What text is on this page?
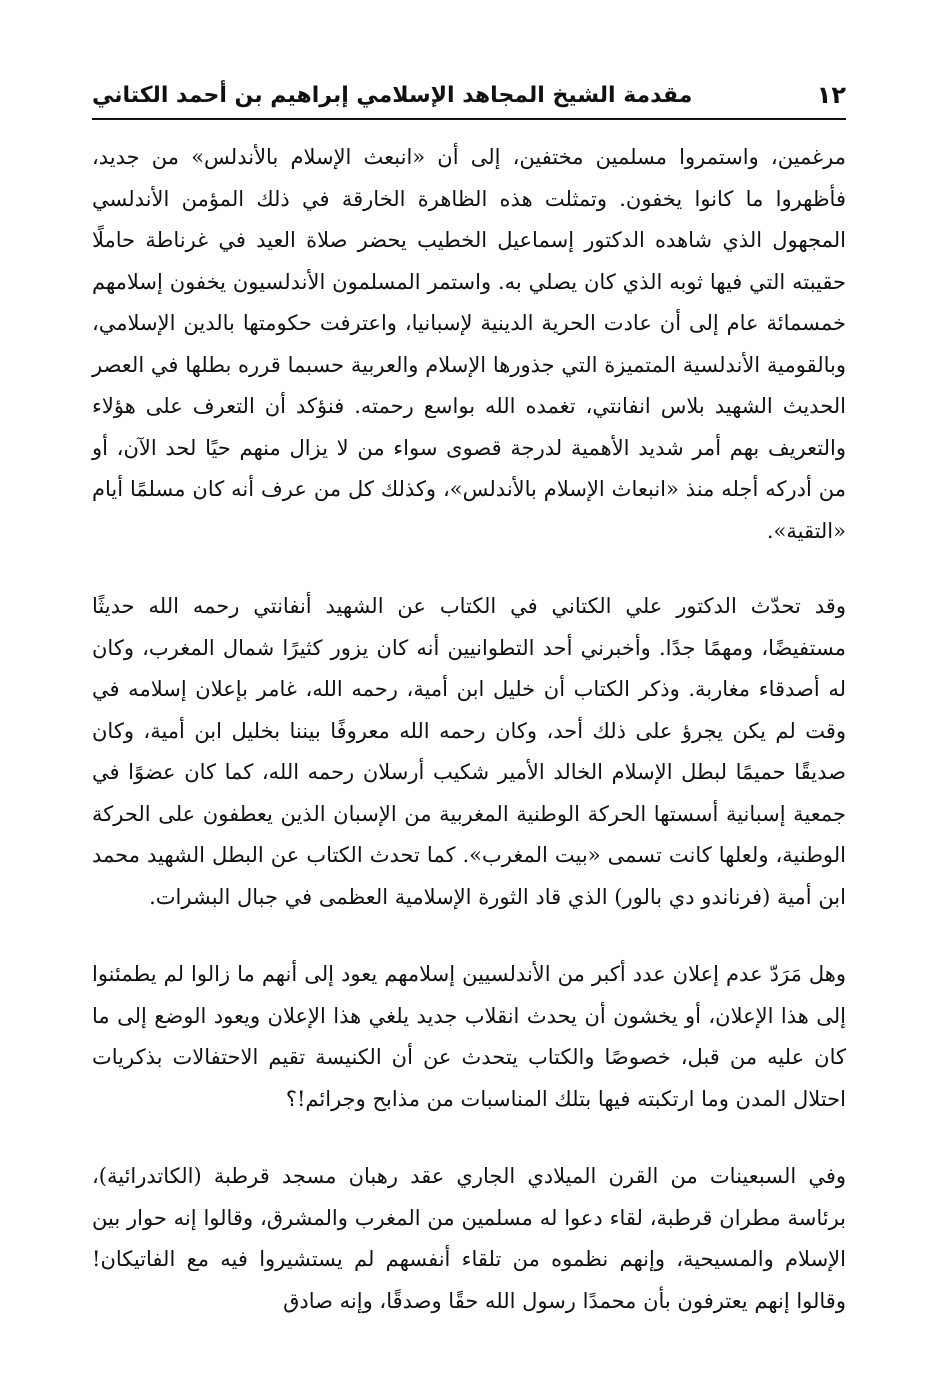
١٢
مقدمة الشيخ المجاهد الإسلامي إبراهيم بن أحمد الكتاني

مرغمين، واستمروا مسلمين مختفين، إلى أن «انبعث الإسلام بالأندلس» من جديد، فأظهروا ما كانوا يخفون. وتمثلت هذه الظاهرة الخارقة في ذلك المؤمن الأندلسي المجهول الذي شاهده الدكتور إسماعيل الخطيب يحضر صلاة العيد في غرناطة حاملًا حقيبته التي فيها ثوبه الذي كان يصلي به. واستمر المسلمون الأندلسيون يخفون إسلامهم خمسمائة عام إلى أن عادت الحرية الدينية لإسبانيا، واعترفت حكومتها بالدين الإسلامي، وبالقومية الأندلسية المتميزة التي جذورها الإسلام والعربية حسبما قرره بطلها في العصر الحديث الشهيد بلاس انفانتي، تغمده الله بواسع رحمته. فنؤكد أن التعرف على هؤلاء والتعريف بهم أمر شديد الأهمية لدرجة قصوى سواء من لا يزال منهم حيًا لحد الآن، أو من أدركه أجله منذ «انبعاث الإسلام بالأندلس»، وكذلك كل من عرف أنه كان مسلمًا أيام «التقية».

وقد تحدّث الدكتور علي الكتاني في الكتاب عن الشهيد أنفانتي رحمه الله حديثًا مستفيضًا، ومهمًا جدًا. وأخبرني أحد التطوانيين أنه كان يزور كثيرًا شمال المغرب، وكان له أصدقاء مغاربة. وذكر الكتاب أن خليل ابن أمية، رحمه الله، غامر بإعلان إسلامه في وقت لم يكن يجرؤ على ذلك أحد، وكان رحمه الله معروفًا بيننا بخليل ابن أمية، وكان صديقًا حميمًا لبطل الإسلام الخالد الأمير شكيب أرسلان رحمه الله، كما كان عضوًا في جمعية إسبانية أسستها الحركة الوطنية المغربية من الإسبان الذين يعطفون على الحركة الوطنية، ولعلها كانت تسمى «بيت المغرب». كما تحدث الكتاب عن البطل الشهيد محمد ابن أمية (فرناندو دي بالور) الذي قاد الثورة الإسلامية العظمى في جبال البشرات.

وهل مَرَدّ عدم إعلان عدد أكبر من الأندلسيين إسلامهم يعود إلى أنهم ما زالوا لم يطمئنوا إلى هذا الإعلان، أو يخشون أن يحدث انقلاب جديد يلغي هذا الإعلان ويعود الوضع إلى ما كان عليه من قبل، خصوصًا والكتاب يتحدث عن أن الكنيسة تقيم الاحتفالات بذكريات احتلال المدن وما ارتكبته فيها بتلك المناسبات من مذابح وجرائم!؟

وفي السبعينات من القرن الميلادي الجاري عقد رهبان مسجد قرطبة (الكاتدرائية)، برئاسة مطران قرطبة، لقاء دعوا له مسلمين من المغرب والمشرق، وقالوا إنه حوار بين الإسلام والمسيحية، وإنهم نظموه من تلقاء أنفسهم لم يستشيروا فيه مع الفاتيكان! وقالوا إنهم يعترفون بأن محمدًا رسول الله حقًا وصدقًا، وإنه صادق
